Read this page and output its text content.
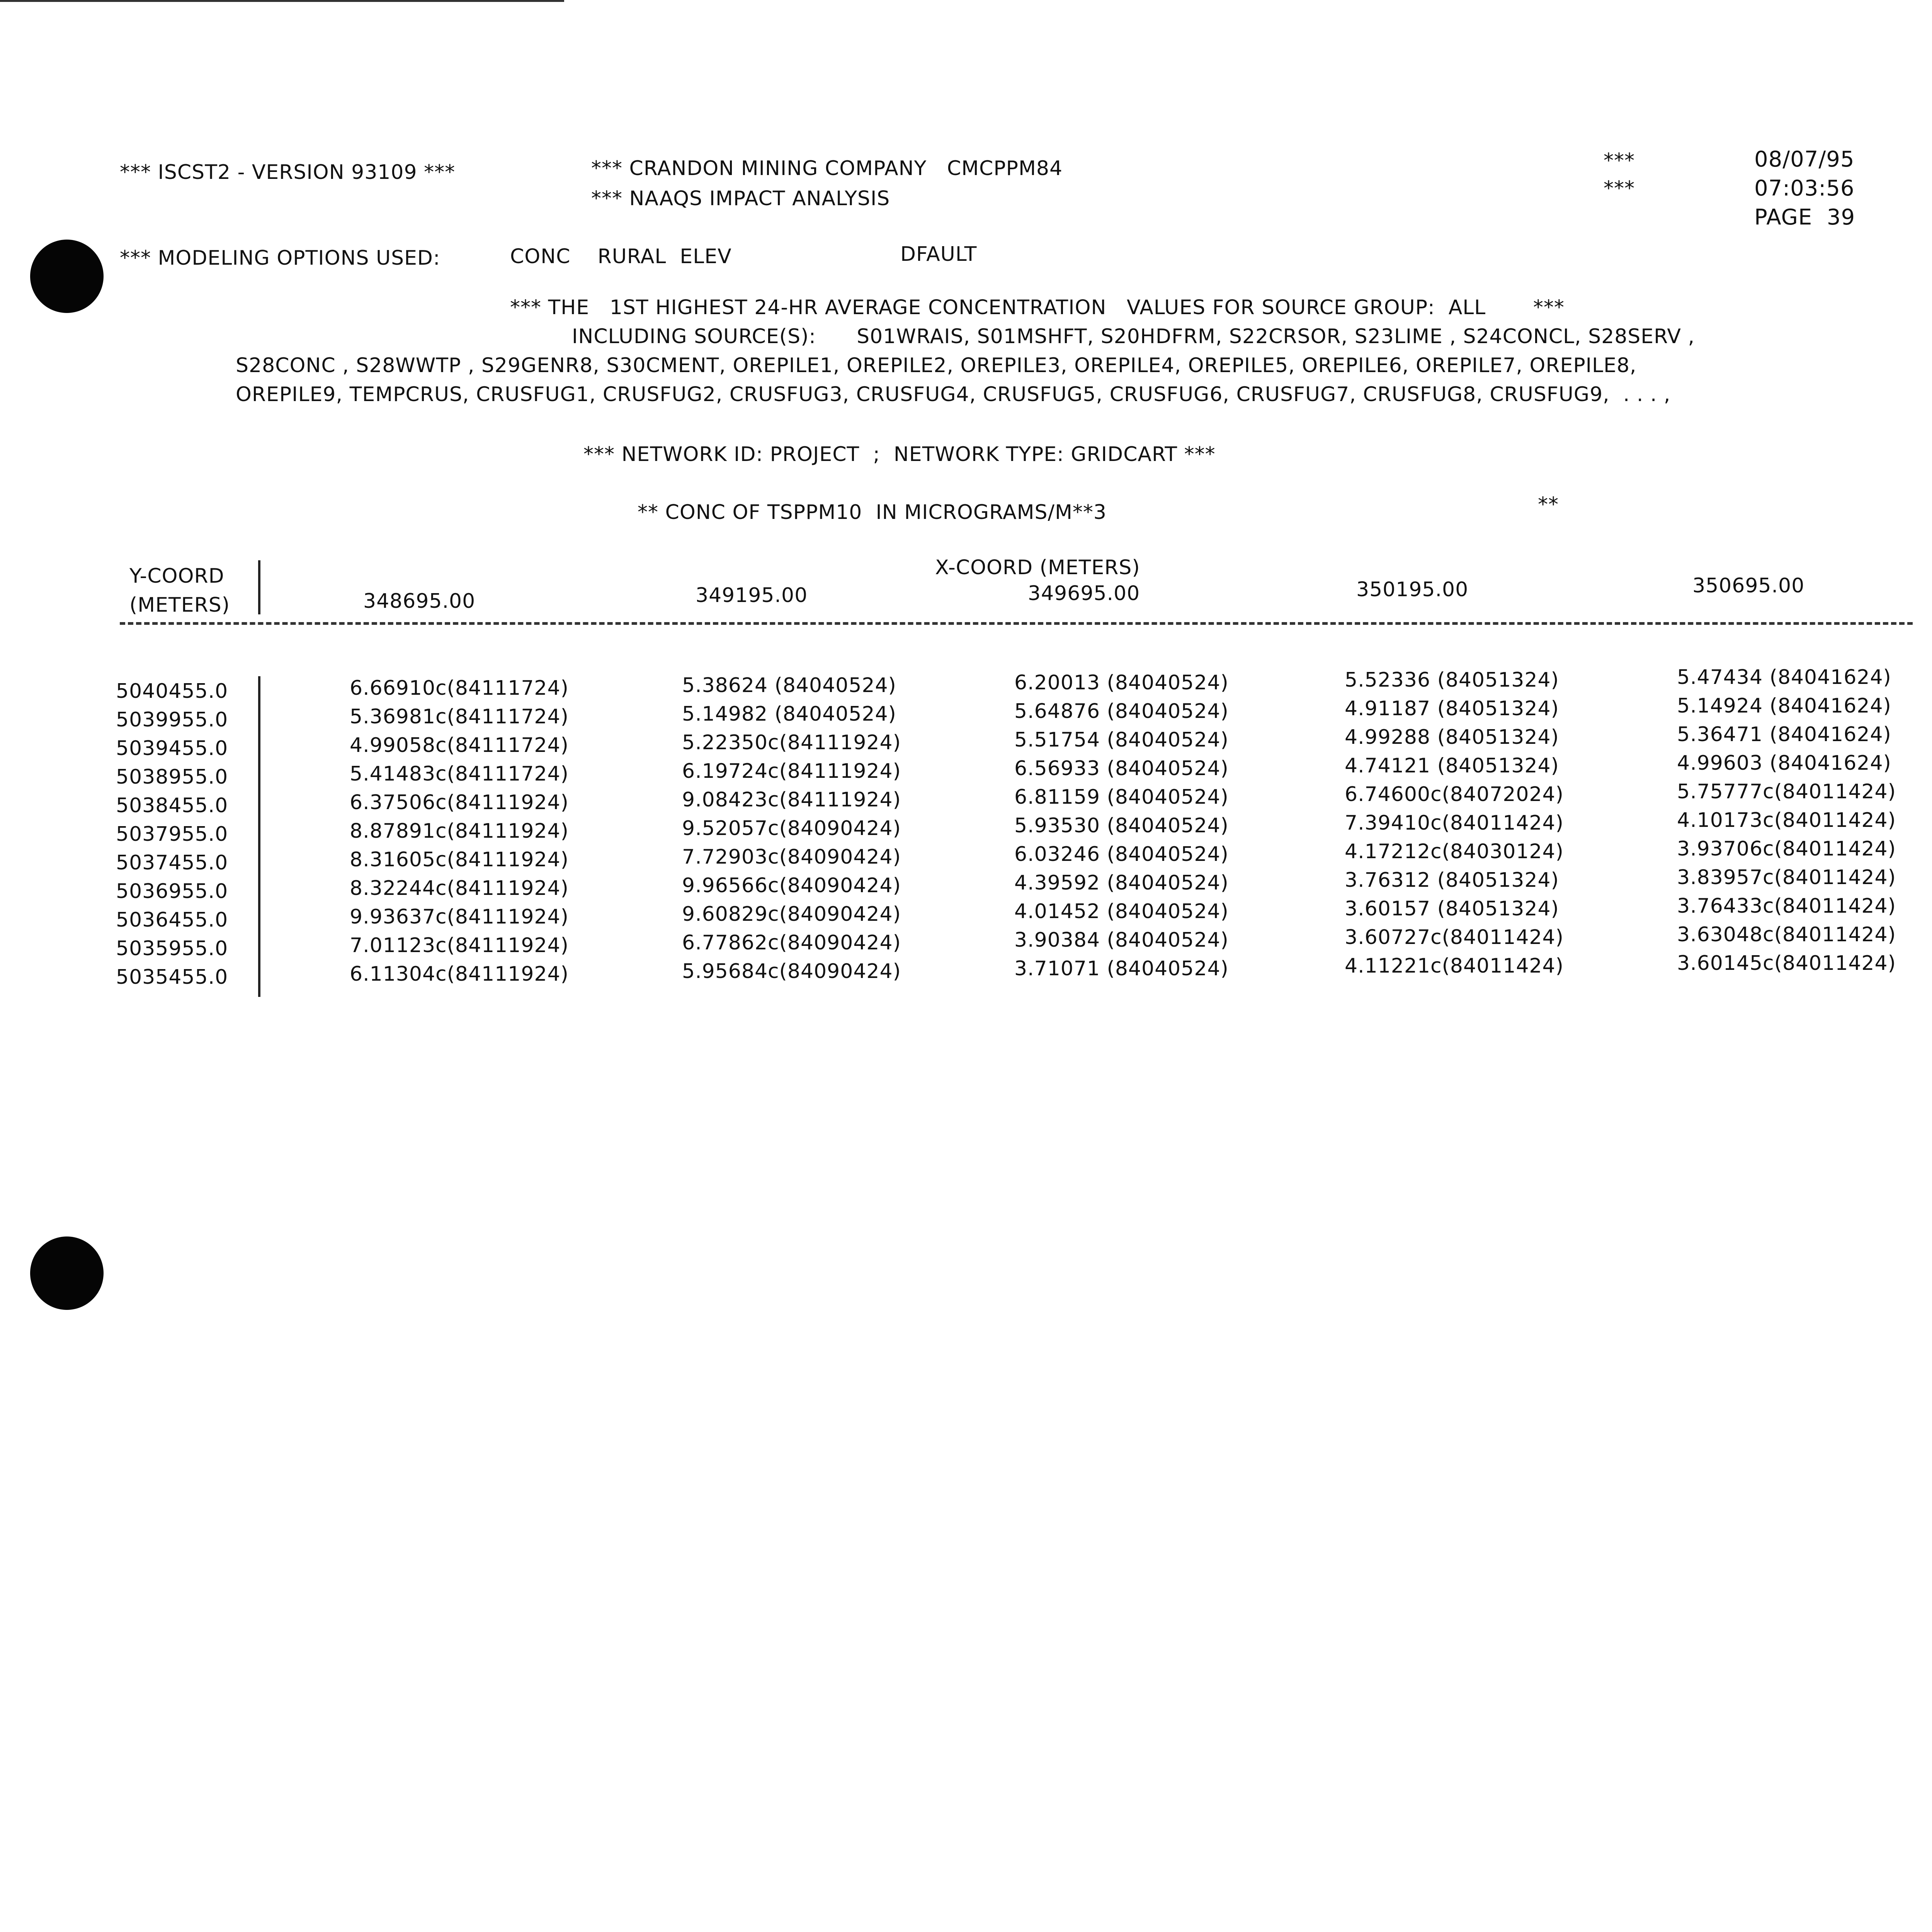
*** ISCST2 - VERSION 93109 ***	*** CRANDON MINING COMPANY   CMCPPM84
*** NAAQS IMPACT ANALYSIS
***
***
08/07/95
07:03:56
PAGE  39
*** MODELING OPTIONS USED:	CONC    RURAL  ELEV	DFAULT
*** THE   1ST HIGHEST 24-HR AVERAGE CONCENTRATION   VALUES FOR SOURCE GROUP:  ALL       ***
INCLUDING SOURCE(S):      S01WRAIS, S01MSHFT, S20HDFRM, S22CRSOR, S23LIME , S24CONCL, S28SERV ,
S28CONC , S28WWTP , S29GENR8, S30CMENT, OREPILE1, OREPILE2, OREPILE3, OREPILE4, OREPILE5, OREPILE6, OREPILE7, OREPILE8,
OREPILE9, TEMPCRUS, CRUSFUG1, CRUSFUG2, CRUSFUG3, CRUSFUG4, CRUSFUG5, CRUSFUG6, CRUSFUG7, CRUSFUG8, CRUSFUG9,  . . . ,
*** NETWORK ID: PROJECT  ;  NETWORK TYPE: GRIDCART ***
** CONC OF TSPPM10  IN MICROGRAMS/M**3	**
Y-COORD
(METERS)
X-COORD (METERS)
348695.00	349195.00	349695.00	350195.00	350695.00
5040455.0	6.66910c(84111724)	5.38624 (84040524)	6.20013 (84040524)	5.52336 (84051324)	5.47434 (84041624)
5039955.0	5.36981c(84111724)	5.14982 (84040524)	5.64876 (84040524)	4.91187 (84051324)	5.14924 (84041624)
5039455.0	4.99058c(84111724)	5.22350c(84111924)	5.51754 (84040524)	4.99288 (84051324)	5.36471 (84041624)
5038955.0	5.41483c(84111724)	6.19724c(84111924)	6.56933 (84040524)	4.74121 (84051324)	4.99603 (84041624)
5038455.0	6.37506c(84111924)	9.08423c(84111924)	6.81159 (84040524)	6.74600c(84072024)	5.75777c(84011424)
5037955.0	8.87891c(84111924)	9.52057c(84090424)	5.93530 (84040524)	7.39410c(84011424)	4.10173c(84011424)
5037455.0	8.31605c(84111924)	7.72903c(84090424)	6.03246 (84040524)	4.17212c(84030124)	3.93706c(84011424)
5036955.0	8.32244c(84111924)	9.96566c(84090424)	4.39592 (84040524)	3.76312 (84051324)	3.83957c(84011424)
5036455.0	9.93637c(84111924)	9.60829c(84090424)	4.01452 (84040524)	3.60157 (84051324)	3.76433c(84011424)
5035955.0	7.01123c(84111924)	6.77862c(84090424)	3.90384 (84040524)	3.60727c(84011424)	3.63048c(84011424)
5035455.0	6.11304c(84111924)	5.95684c(84090424)	3.71071 (84040524)	4.11221c(84011424)	3.60145c(84011424)
